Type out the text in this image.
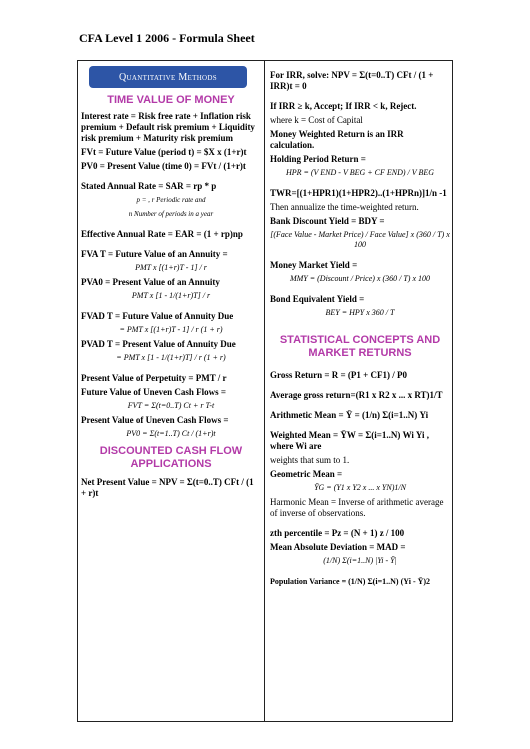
CFA Level 1 2006 - Formula Sheet
Quantitative Methods
TIME VALUE OF MONEY
Interest rate = Risk free rate + Inflation risk premium + Default risk premium + Liquidity risk premium + Maturity risk premium
FVt = Future Value (period t) = $X x (1+r)t
PV0 = Present Value (time 0) = FVt / (1+r)t
Stated Annual Rate = SAR = rp * p
p = , r Periodic rate and
n Number of periods in a year
Effective Annual Rate = EAR = (1 + rp)np
FVA T = Future Value of an Annuity =
PMT x [(1+r)T - 1] / r
PVA0 = Present Value of an Annuity
PMT x [1 - 1/(1+r)T] / r
FVAD T = Future Value of Annuity Due
= PMT x [(1+r)T - 1] / r (1 + r)
PVAD T = Present Value of Annuity Due
= PMT x [1 - 1/(1+r)T] / r (1 + r)
Present Value of Perpetuity = PMT / r
Future Value of Uneven Cash Flows =
FVT = Σ(t=0..T) Ct + r T-t
Present Value of Uneven Cash Flows =
PV0 = Σ(t=1..T) Ct / (1+r)t
DISCOUNTED CASH FLOW
APPLICATIONS
Net Present Value = NPV = Σ(t=0..T) CFt / (1 + r)t
For IRR, solve: NPV = Σ(t=0..T) CFt / (1 + IRR)t = 0
If IRR ≥ k, Accept; If IRR < k, Reject.
where k = Cost of Capital
Money Weighted Return is an IRR calculation.
Holding Period Return =
HPR = (V END - V BEG + CF END) / V BEG
TWR=[(1+HPR1)(1+HPR2)..(1+HPRn)]1/n -1
Then annualize the time-weighted return.
Bank Discount Yield = BDY =
[(Face Value - Market Price) / Face Value] x (360 / T) x 100
Money Market Yield =
MMY = (Discount / Price) x (360 / T) x 100
Bond Equivalent Yield =
BEY = HPY x 360 / T
STATISTICAL CONCEPTS AND
MARKET RETURNS
Gross Return = R = (P1 + CF1) / P0
Average gross return=(R1 x R2 x ... x RT)1/T
Arithmetic Mean = Ȳ = (1/n) Σ(i=1..N) Yi
Weighted Mean = ȲW = Σ(i=1..N) Wi Yi , where Wi are
weights that sum to 1.
Geometric Mean =
ȲG = (Y1 x Y2 x ... x YN)1/N
Harmonic Mean = Inverse of arithmetic average of inverse of observations.
zth percentile = Pz = (N + 1) z / 100
Mean Absolute Deviation = MAD =
(1/N) Σ(i=1..N) |Yi - Ȳ|
Population Variance = (1/N) Σ(i=1..N) (Yi - Ȳ)2
